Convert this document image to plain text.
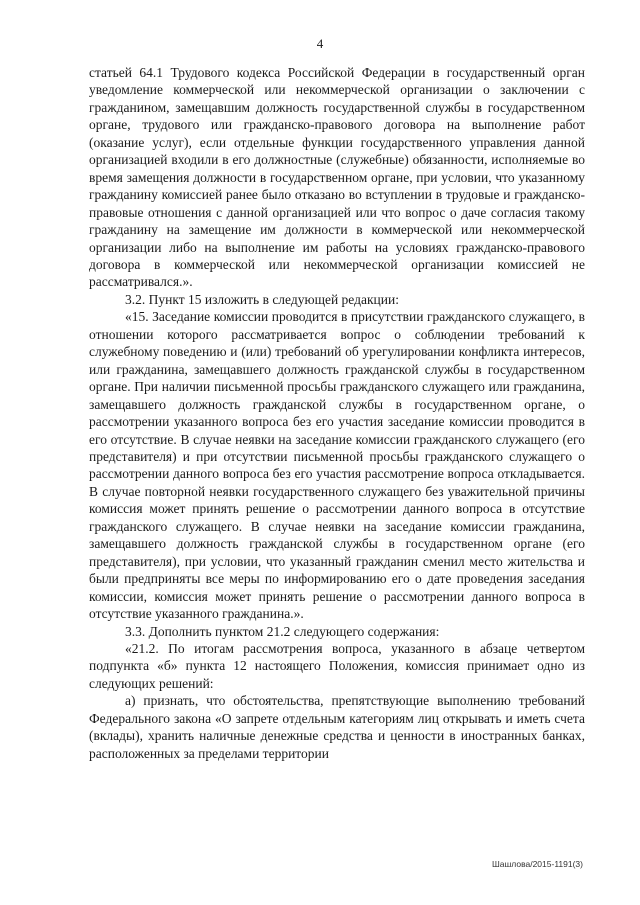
4

статьей 64.1 Трудового кодекса Российской Федерации в государственный орган уведомление коммерческой или некоммерческой организации о заключении с гражданином, замещавшим должность государственной службы в государственном органе, трудового или гражданско-правового договора на выполнение работ (оказание услуг), если отдельные функции государственного управления данной организацией входили в его должностные (служебные) обязанности, исполняемые во время замещения должности в государственном органе, при условии, что указанному гражданину комиссией ранее было отказано во вступлении в трудовые и гражданско-правовые отношения с данной организацией или что вопрос о даче согласия такому гражданину на замещение им должности в коммерческой или некоммерческой организации либо на выполнение им работы на условиях гражданско-правового договора в коммерческой или некоммерческой организации комиссией не рассматривался.».

3.2. Пункт 15 изложить в следующей редакции:

«15. Заседание комиссии проводится в присутствии гражданского служащего, в отношении которого рассматривается вопрос о соблюдении требований к служебному поведению и (или) требований об урегулировании конфликта интересов, или гражданина, замещавшего должность гражданской службы в государственном органе. При наличии письменной просьбы гражданского служащего или гражданина, замещавшего должность гражданской службы в государственном органе, о рассмотрении указанного вопроса без его участия заседание комиссии проводится в его отсутствие. В случае неявки на заседание комиссии гражданского служащего (его представителя) и при отсутствии письменной просьбы гражданского служащего о рассмотрении данного вопроса без его участия рассмотрение вопроса откладывается. В случае повторной неявки государственного служащего без уважительной причины комиссия может принять решение о рассмотрении данного вопроса в отсутствие гражданского служащего. В случае неявки на заседание комиссии гражданина, замещавшего должность гражданской службы в государственном органе (его представителя), при условии, что указанный гражданин сменил место жительства и были предприняты все меры по информированию его о дате проведения заседания комиссии, комиссия может принять решение о рассмотрении данного вопроса в отсутствие указанного гражданина.».

3.3. Дополнить пунктом 21.2 следующего содержания:

«21.2. По итогам рассмотрения вопроса, указанного в абзаце четвертом подпункта «б» пункта 12 настоящего Положения, комиссия принимает одно из следующих решений:

а) признать, что обстоятельства, препятствующие выполнению требований Федерального закона «О запрете отдельным категориям лиц открывать и иметь счета (вклады), хранить наличные денежные средства и ценности в иностранных банках, расположенных за пределами территории

Шашлова/2015-1191(3)
